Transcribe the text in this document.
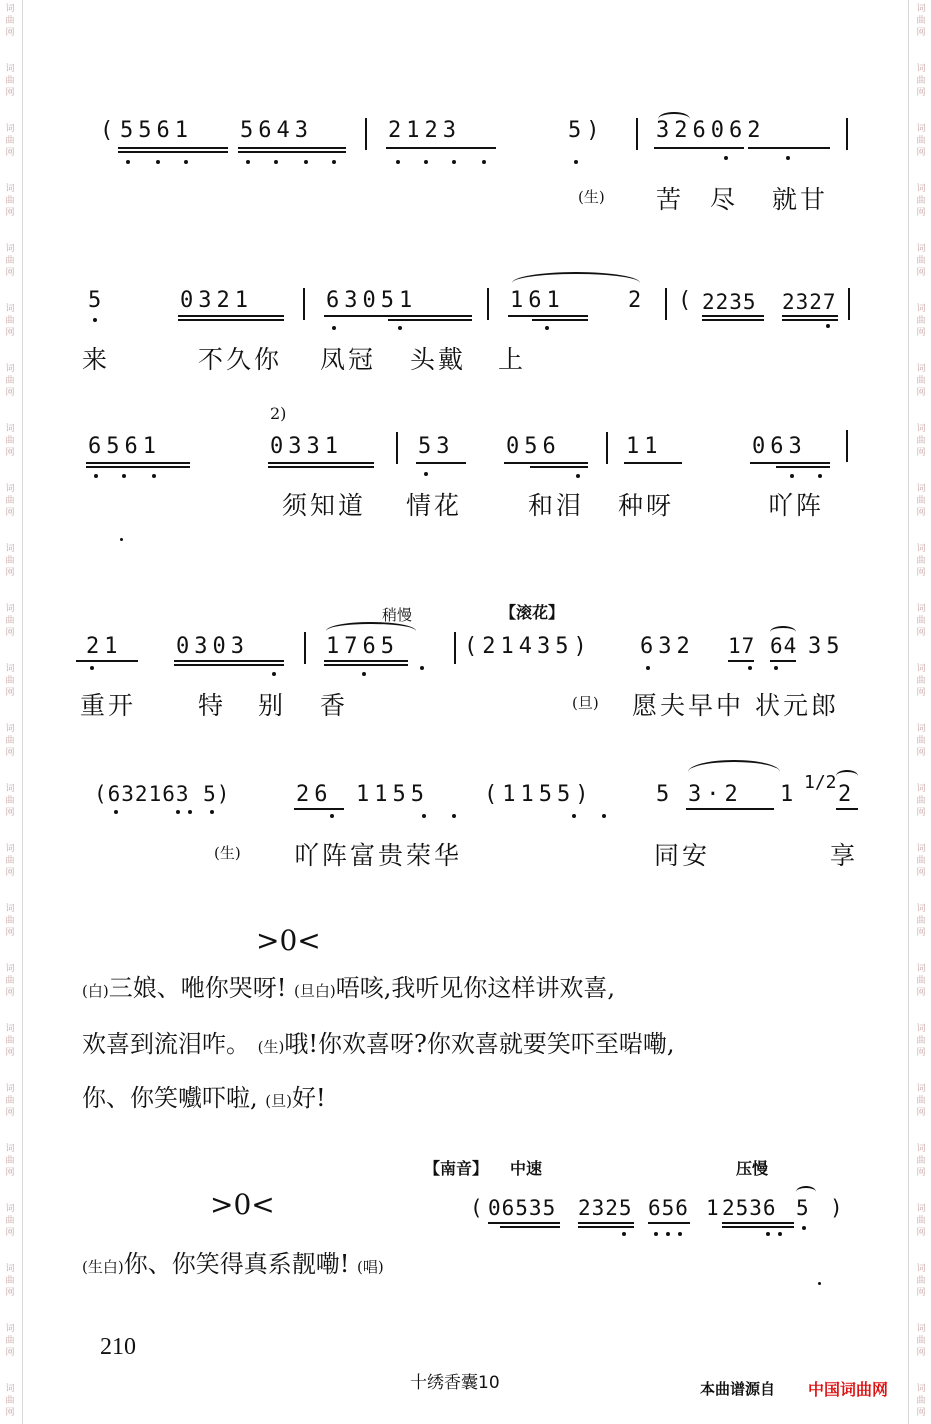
词
曲
网
词
曲
网
词
曲
网
词
曲
网
词
曲
网
词
曲
网
词
曲
网
词
曲
网
词
曲
网
词
曲
网
词
曲
网
词
曲
网
词
曲
网
词
曲
网
词
曲
网
词
曲
网
词
曲
网
词
曲
网
词
曲
网
词
曲
网
词
曲
网
词
曲
网
词
曲
网
词
曲
网
词
曲
网
词
曲
网
词
曲
网
词
曲
网
词
曲
网
词
曲
网
词
曲
网
词
曲
网
词
曲
网
词
曲
网
词
曲
网
词
曲
网
词
曲
网
词
曲
网
词
曲
网
词
曲
网
词
曲
网
词
曲
网
词
曲
网
词
曲
网
词
曲
网
词
曲
网
词
曲
网
词
曲
网
( 5561 5643	2123	5) 326062
(生) 苦 尽 就甘
5	0321	63051	161	2 ( 2235 2327
来	不久你 凤冠 头戴 上
2)
6561	0331	53 056	11	063
须知道 情花	和泪 种呀	吖阵
稍慢	【滚花】
21 0303	1765	(21435) 632 17 64 35
重开 特 别 香	(旦) 愿夫早中 状元郎
(632163 5)	26 1155	(1155)	5 3·2 1 1/2 2
(生) 吖阵富贵荣华	同安	享
>0<
(白)三娘、咃你哭呀! (旦白)唔咳,我听见你这样讲欢喜,
欢喜到流泪咋。 (生)哦!你欢喜呀?你欢喜就要笑吓至啱嘞,
你、你笑嚱吓啦, (旦)好!
【南音】 中速	压慢
>0<	( 06535 2325 656 1 2536 5 )
(生白)你、你笑得真系靓嘞! (唱)
210
十绣香囊10	本曲谱源自 中国词曲网
